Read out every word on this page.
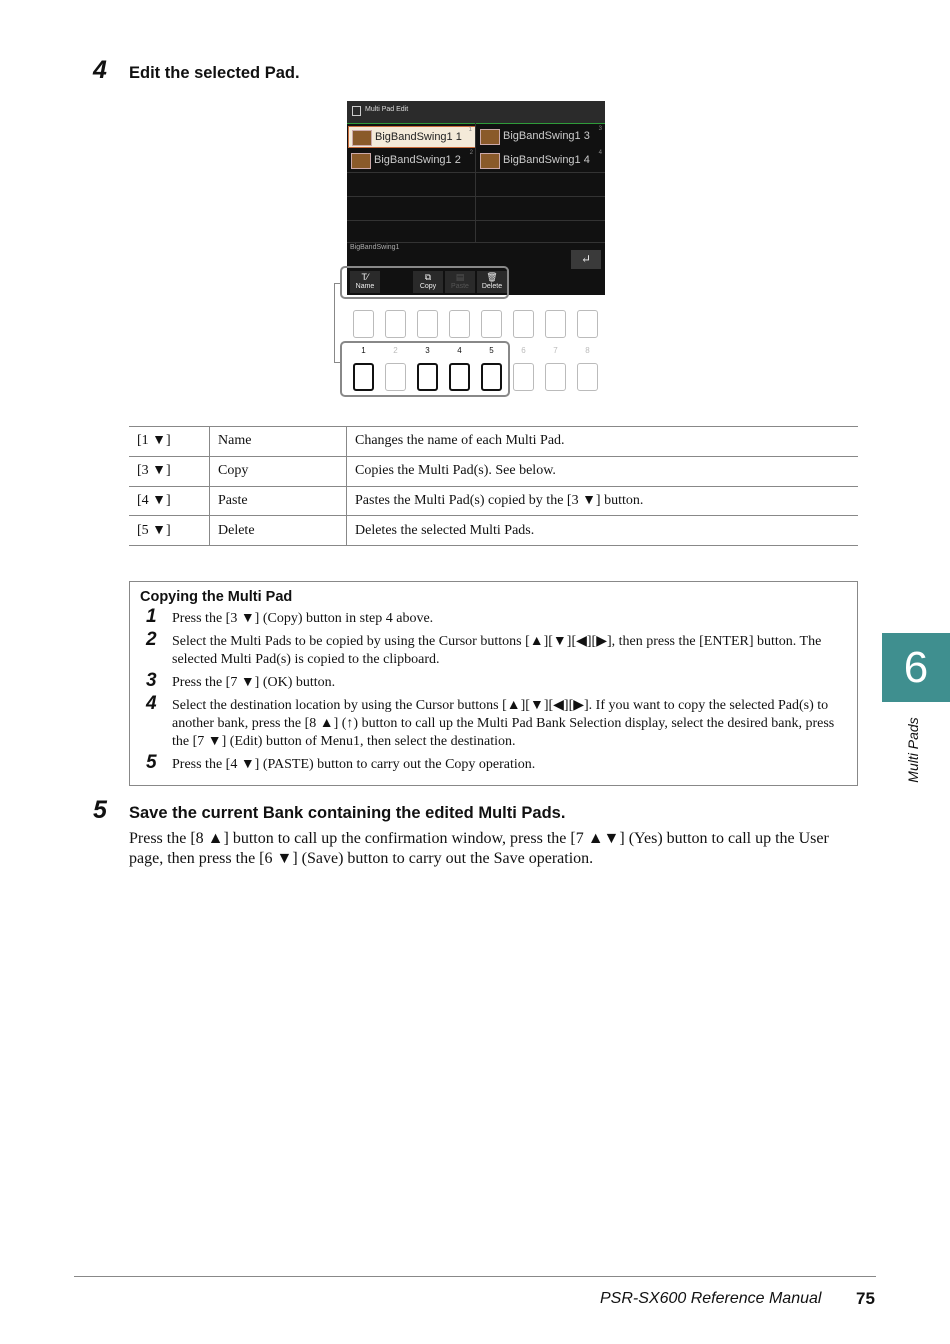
4 Edit the selected Pad.
Multi Pad Edit
BigBandSwing1 1
1
BigBandSwing1 2
2
BigBandSwing1 3
3
BigBandSwing1 4
4
BigBandSwing1
↵
T⁄
Name
⧉
Copy
▤
Paste
🗑
Delete
1	2	3	4	5	6	7	8
[1 ▼]	Name	Changes the name of each Multi Pad.
[3 ▼]	Copy	Copies the Multi Pad(s). See below.
[4 ▼]	Paste	Pastes the Multi Pad(s) copied by the [3 ▼] button.
[5 ▼]	Delete	Deletes the selected Multi Pads.
Copying the Multi Pad
1 Press the [3 ▼] (Copy) button in step 4 above.
2 Select the Multi Pads to be copied by using the Cursor buttons [▲][▼][◀][▶], then press the [ENTER] button. The selected Multi Pad(s) is copied to the clipboard.
3 Press the [7 ▼] (OK) button.
4 Select the destination location by using the Cursor buttons [▲][▼][◀][▶]. If you want to copy the selected Pad(s) to another bank, press the [8 ▲] (↑) button to call up the Multi Pad Bank Selection display, select the desired bank, press the [7 ▼] (Edit) button of Menu1, then select the destination.
5 Press the [4 ▼] (PASTE) button to carry out the Copy operation.
6
Multi Pads
5 Save the current Bank containing the edited Multi Pads.
Press the [8 ▲] button to call up the confirmation window, press the [7 ▲▼] (Yes) button to call up the User page, then press the [6 ▼] (Save) button to carry out the Save operation.
PSR-SX600 Reference Manual 75
